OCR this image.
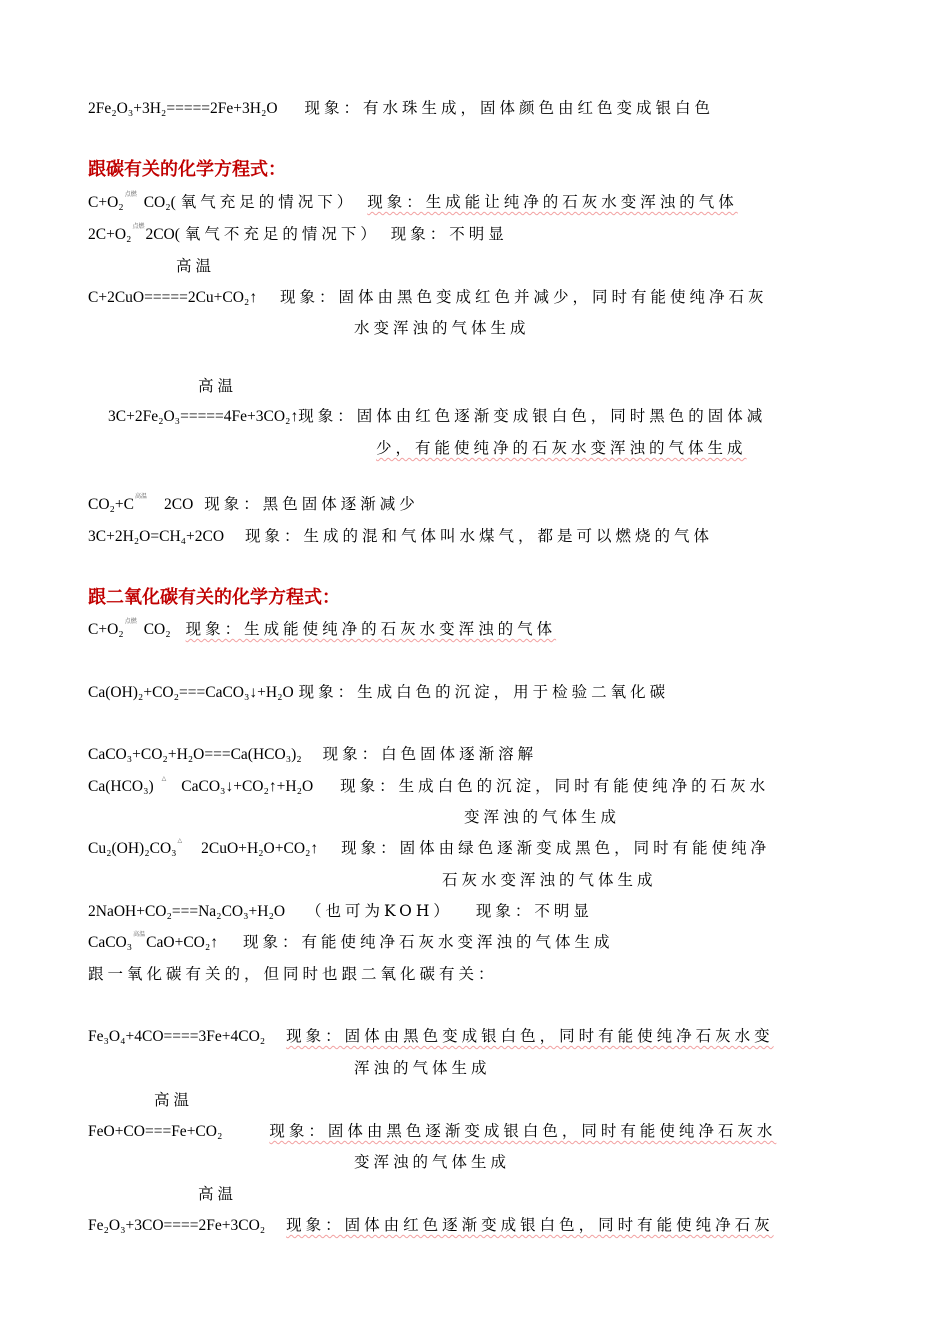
2Fe₂O₃+3H₂=====2Fe+3H₂O 现象：有水珠生成，固体颜色由红色变成银白色
跟碳有关的化学方程式：
C+O₂点燃 CO₂( 氧气充足的情况下） 现象：生成能让纯净的石灰水变浑浊的气体
2C+O₂点燃2CO( 氧气不充足的情况下） 现象：不明显
高温
C+2CuO=====2Cu+CO₂↑ 现象：固体由黑色变成红色并减少，同时有能使纯净石灰
水变浑浊的气体生成
高温
3C+2Fe₂O₃=====4Fe+3CO₂↑现象：固体由红色逐渐变成银白色，同时黑色的固体减
少，有能使纯净的石灰水变浑浊的气体生成
CO₂+C高温 2CO 现象：黑色固体逐渐减少
3C+2H₂O=CH₄+2CO 现象：生成的混和气体叫水煤气，都是可以燃烧的气体
跟二氧化碳有关的化学方程式：
C+O₂点燃 CO₂ 现象：生成能使纯净的石灰水变浑浊的气体
Ca(OH)₂+CO₂===CaCO₃↓+H₂O 现象：生成白色的沉淀，用于检验二氧化碳
CaCO₃+CO₂+H₂O===Ca(HCO₃)₂ 现象：白色固体逐渐溶解
Ca(HCO₃) △ CaCO₃↓+CO₂↑+H₂O 现象：生成白色的沉淀，同时有能使纯净的石灰水
变浑浊的气体生成
Cu₂(OH)₂CO₃△ 2CuO+H₂O+CO₂↑ 现象：固体由绿色逐渐变成黑色，同时有能使纯净
石灰水变浑浊的气体生成
2NaOH+CO₂===Na₂CO₃+H₂O （也可为KOH） 现象：不明显
CaCO₃高温CaO+CO₂↑ 现象：有能使纯净石灰水变浑浊的气体生成
跟一氧化碳有关的，但同时也跟二氧化碳有关：
Fe₃O₄+4CO====3Fe+4CO₂ 现象：固体由黑色变成银白色，同时有能使纯净石灰水变
浑浊的气体生成
高温
FeO+CO===Fe+CO₂	现象：固体由黑色逐渐变成银白色，同时有能使纯净石灰水
变浑浊的气体生成
高温
Fe₂O₃+3CO====2Fe+3CO₂ 现象：固体由红色逐渐变成银白色，同时有能使纯净石灰
